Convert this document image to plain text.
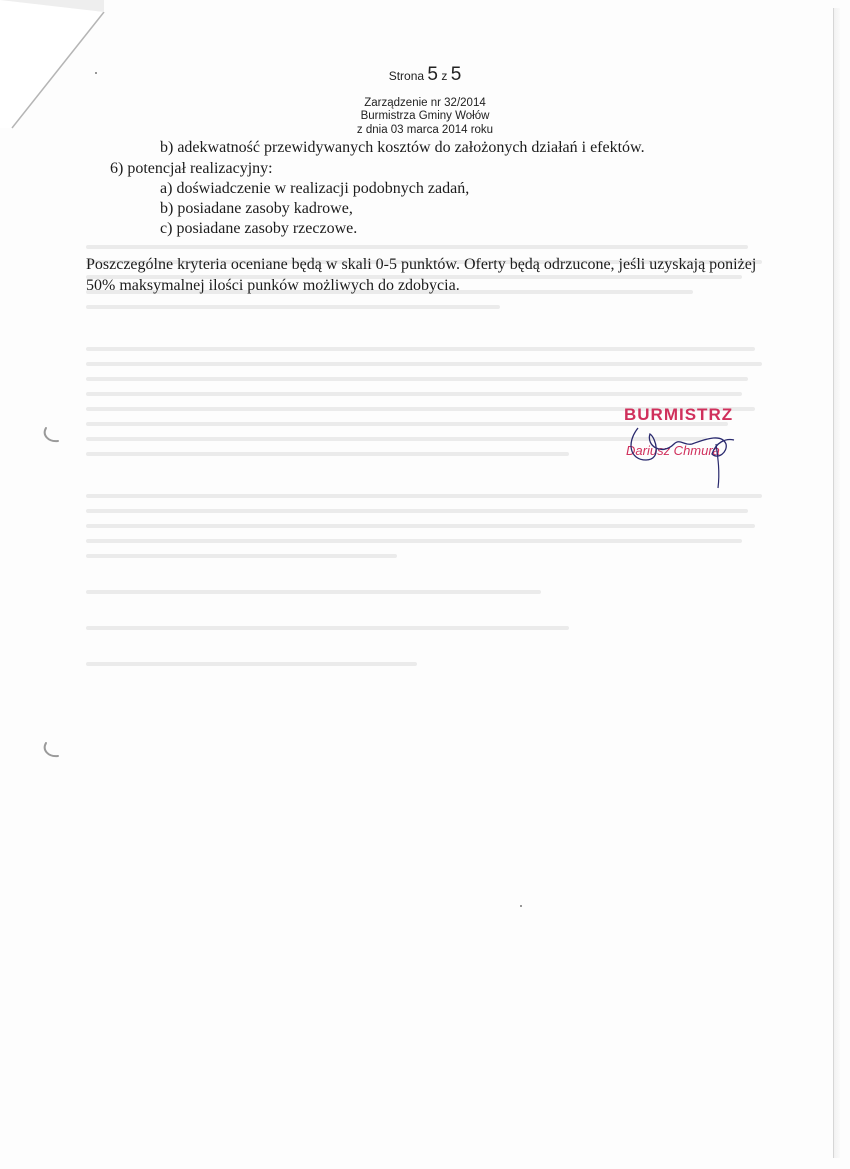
Strona 5 z 5
Zarządzenie nr 32/2014
Burmistrza Gminy Wołów
z dnia 03 marca 2014 roku
b) adekwatność przewidywanych kosztów do założonych działań i efektów.
6) potencjał realizacyjny:
a) doświadczenie w realizacji podobnych zadań,
b) posiadane zasoby kadrowe,
c) posiadane zasoby rzeczowe.
Poszczególne kryteria oceniane będą w skali 0-5 punktów. Oferty będą odrzucone, jeśli uzyskają poniżej 50% maksymalnej ilości punków możliwych do zdobycia.
BURMISTRZ
Dariusz Chmura
